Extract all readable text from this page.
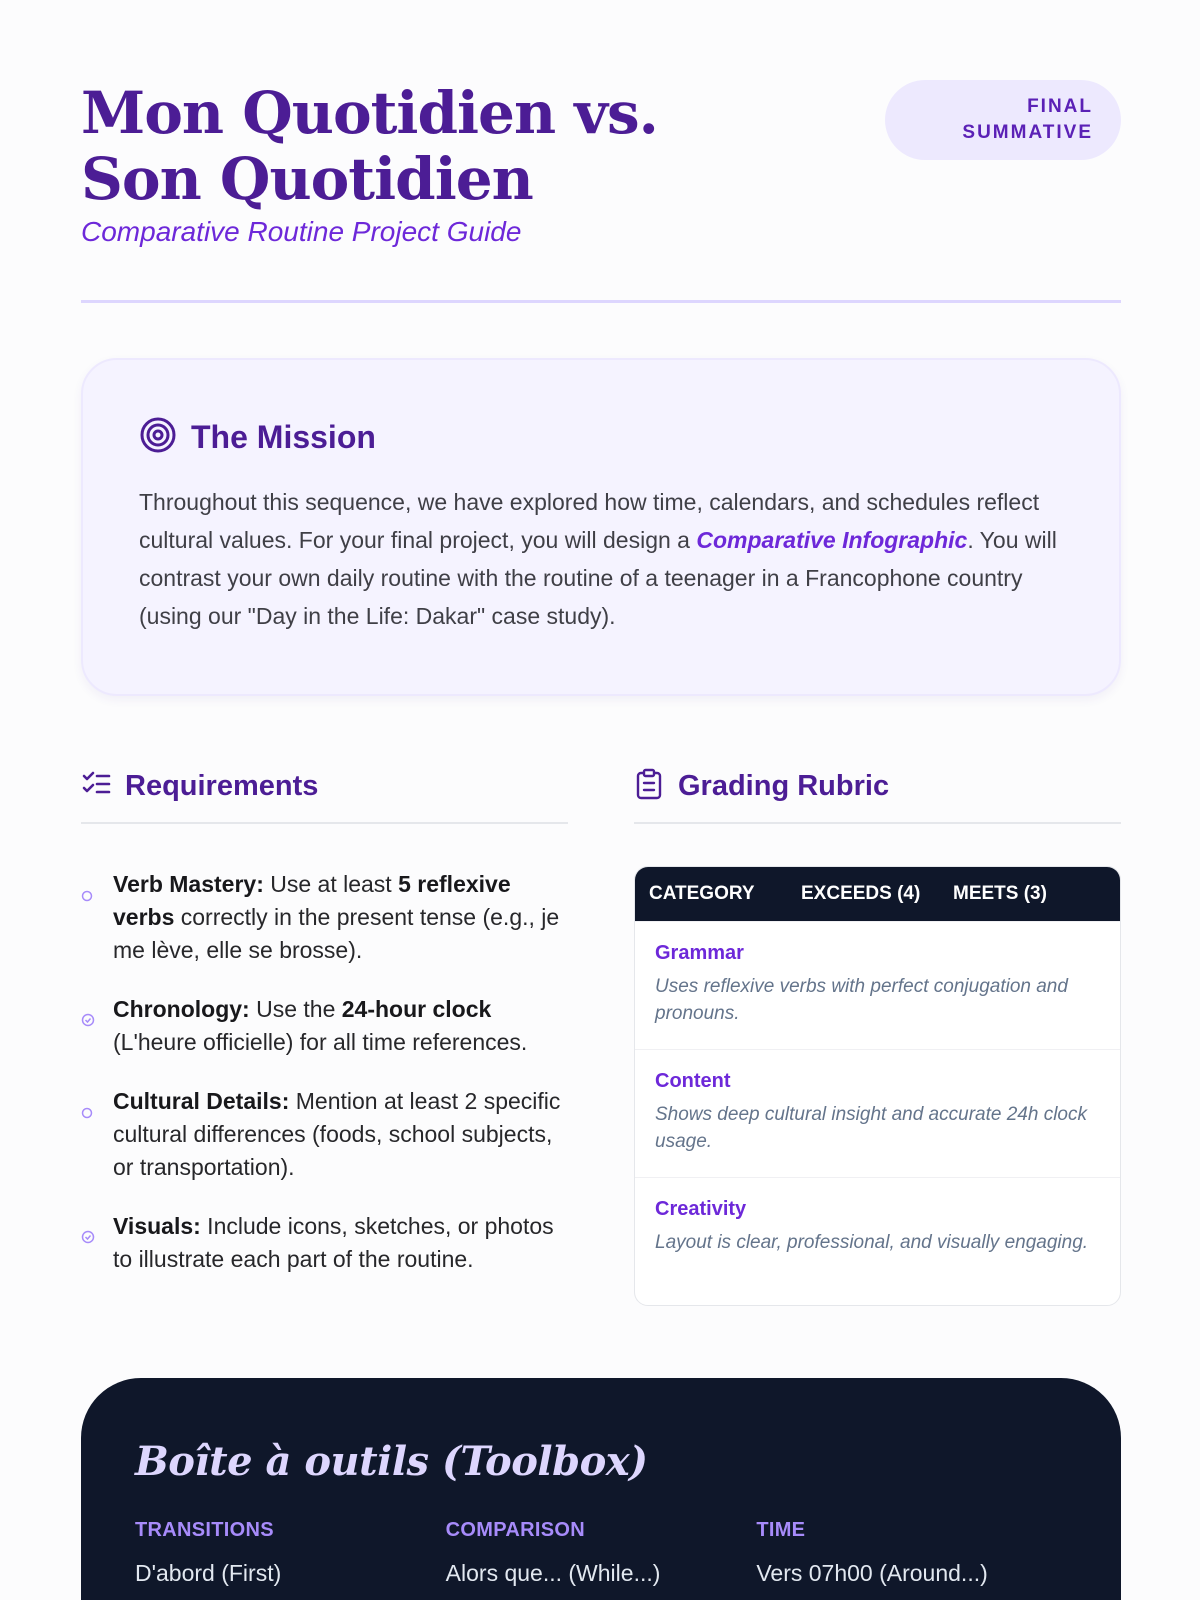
Mon Quotidien vs. Son Quotidien
Comparative Routine Project Guide
FINAL
SUMMATIVE
The Mission

Throughout this sequence, we have explored how time, calendars, and schedules reflect cultural values. For your final project, you will design a Comparative Infographic. You will contrast your own daily routine with the routine of a teenager in a Francophone country (using our "Day in the Life: Dakar" case study).

Requirements
Verb Mastery: Use at least 5 reflexive verbs correctly in the present tense (e.g., je me lève, elle se brosse).
Chronology: Use the 24-hour clock (L'heure officielle) for all time references.
Cultural Details: Mention at least 2 specific cultural differences (foods, school subjects, or transportation).
Visuals: Include icons, sketches, or photos to illustrate each part of the routine.
Grading Rubric
CATEGORY	EXCEEDS (4)	MEETS (3)
Grammar
Uses reflexive verbs with perfect conjugation and pronouns.
Content
Shows deep cultural insight and accurate 24h clock usage.
Creativity
Layout is clear, professional, and visually engaging.
Boîte à outils (Toolbox)
TRANSITIONS
D'abord (First)
COMPARISON
Alors que... (While...)
TIME
Vers 07h00 (Around...)
